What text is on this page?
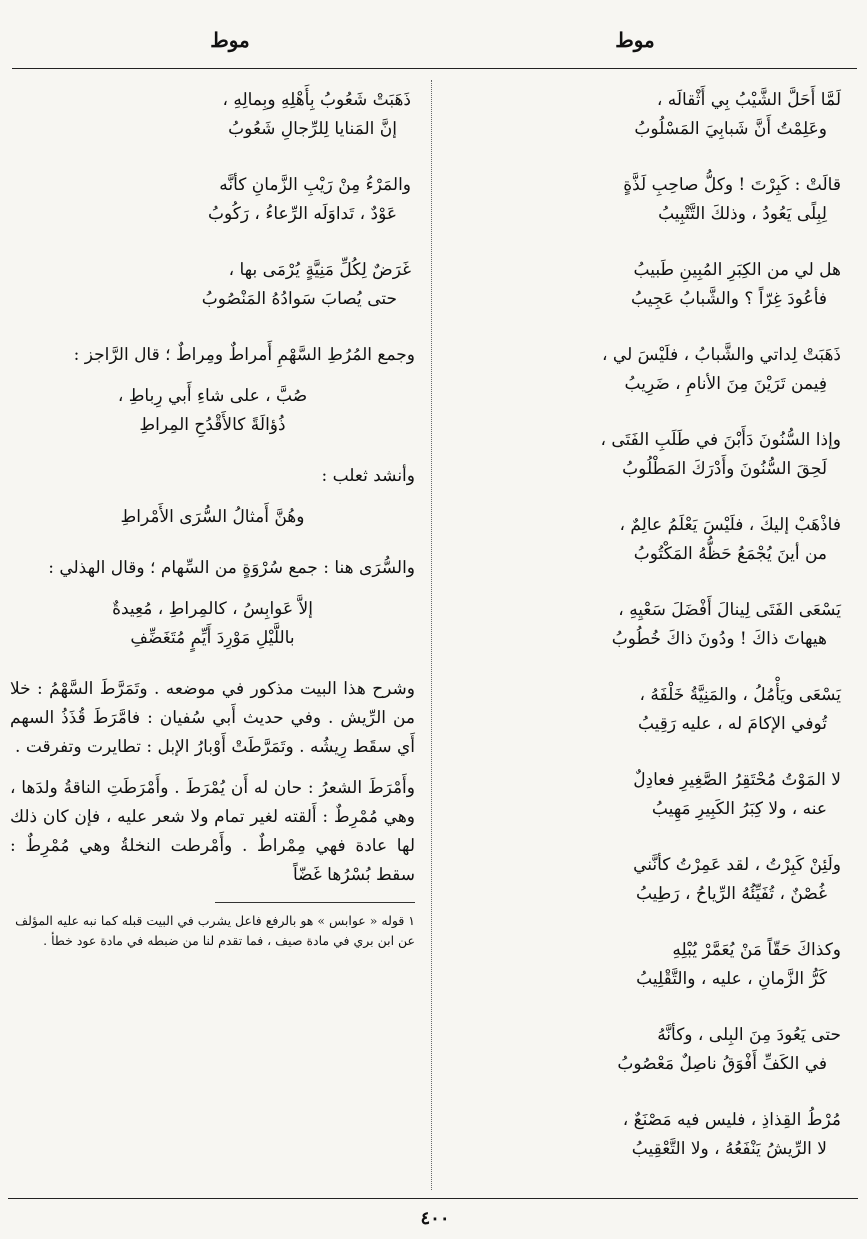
موط
موط
لَمَّا أَحَلَّ الشَّيْبُ بِي أَثْقالَه ،
وعَلِمْتُ أَنَّ شَبابِيَ المَسْلُوبُ
قالَتْ : كَبِرْتَ ! وكلُّ صاحِبِ لَذَّةٍ
لِبِلًى يَعُودُ ، وذلكَ التَّتْبِيبُ
هل لي من الكِبَرِ المُبِينِ طَبيبُ
فأعُودَ غِرّاً ؟ والشَّبابُ عَجِيبُ
ذَهَبَتْ لِداتي والشَّبابُ ، فلَيْسَ لي ،
فِيمن تَرَيْنَ مِنَ الأنامِ ، ضَرِيبُ
وإذا السُّنُونَ دَأَبْنَ في طَلَبِ الفَتَى ،
لَحِقَ السُّنُونَ وأَدْرَكَ المَطْلُوبُ
فاذْهَبْ إليكَ ، فلَيْسَ يَعْلَمُ عالِمٌ ،
من أينَ يُجْمَعُ حَظُّهُ المَكْتُوبُ
يَسْعَى الفَتَى لِينالَ أَفْضَلَ سَعْيِهِ ،
هيهاتَ ذاكَ ! ودُونَ ذاكَ خُطُوبُ
يَسْعَى ويَأْمُلُ ، والمَنِيَّةُ خَلْفَهُ ،
تُوفي الإكامَ له ، عليه رَقِيبُ
لا المَوْتُ مُحْتَقِرُ الصَّغِيرِ فعادِلٌ
عنه ، ولا كِبَرُ الكَبِيرِ مَهِيبُ
ولَئِنْ كَبِرْتُ ، لقد عَمِرْتُ كأنَّني
غُصْنٌ ، تُفَيِّئُهُ الرِّياحُ ، رَطِيبُ
وكذاكَ حَقّاً مَنْ يُعَمَّرْ يُبْلِهِ
كَرُّ الزَّمانِ ، عليه ، والتَّقْلِيبُ
حتى يَعُودَ مِنَ البِلى ، وكأنَّهُ
في الكَفِّ أَفْوَقُ ناصِلٌ مَعْصُوبُ
مُرْطُ القِذاذِ ، فليس فيه مَصْنَعٌ ،
لا الرِّيشُ يَنْفَعُهُ ، ولا التَّعْقِيبُ
ذَهَبَتْ شَعُوبُ بِأَهْلِهِ وبِمالِهِ ،
إنَّ المَنايا لِلرِّجالِ شَعُوبُ
والمَرْءُ مِنْ رَيْبِ الزَّمانِ كأنَّه
عَوْدٌ ، تَداوَلَه الرِّعاءُ ، رَكُوبُ
غَرَضٌ لِكُلِّ مَنِيَّةٍ يُرْمَى بها ،
حتى يُصابَ سَوادُهُ المَنْصُوبُ

وجمع المُرُطِ السَّهْمِ أَمراطٌ ومِراطٌ ؛ قال الرَّاجز :

صُبَّ ، على شاءِ أَبي رِباطِ ،
ذُؤالَةً كالأَقْدُحِ المِراطِ

وأنشد ثعلب :

وهُنَّ أَمثالُ السُّرَى الأَمْراطِ

والسُّرَى هنا : جمع سُرْوَةٍ من السِّهام ؛ وقال الهذلي :

إلاَّ عَوابِسُ ، كالمِراطِ ، مُعِيدةٌ
باللَّيْلِ مَوْرِدَ أَيِّمٍ مُتَغَضِّفِ

وشرح هذا البيت مذكور في موضعه . وتَمَرَّطَ السَّهْمُ : خلا من الرِّيش . وفي حديث أَبي سُفيان : فامَّرَطَ قُذَذُ السهم أَي سقَط رِيشُه . وتَمَرَّطَتْ أَوْبارُ الإبل : تطايرت وتفرقت .

وأَمْرَطَ الشعرُ : حان له أَن يُمْرَطَ . وأَمْرَطَتِ الناقةُ ولدَها ، وهي مُمْرِطٌ : أَلقته لغير تمام ولا شعر عليه ، فإن كان ذلك لها عادة فهي مِمْراطٌ . وأَمْرطت النخلةُ وهي مُمْرِطٌ : سقط بُسْرُها غَضّاً

١ قوله « عوابس » هو بالرفع فاعل يشرب في البيت قبله كما نبه عليه المؤلف عن ابن بري في مادة صيف ، فما تقدم لنا من ضبطه في مادة عود خطأ .
٤٠٠
